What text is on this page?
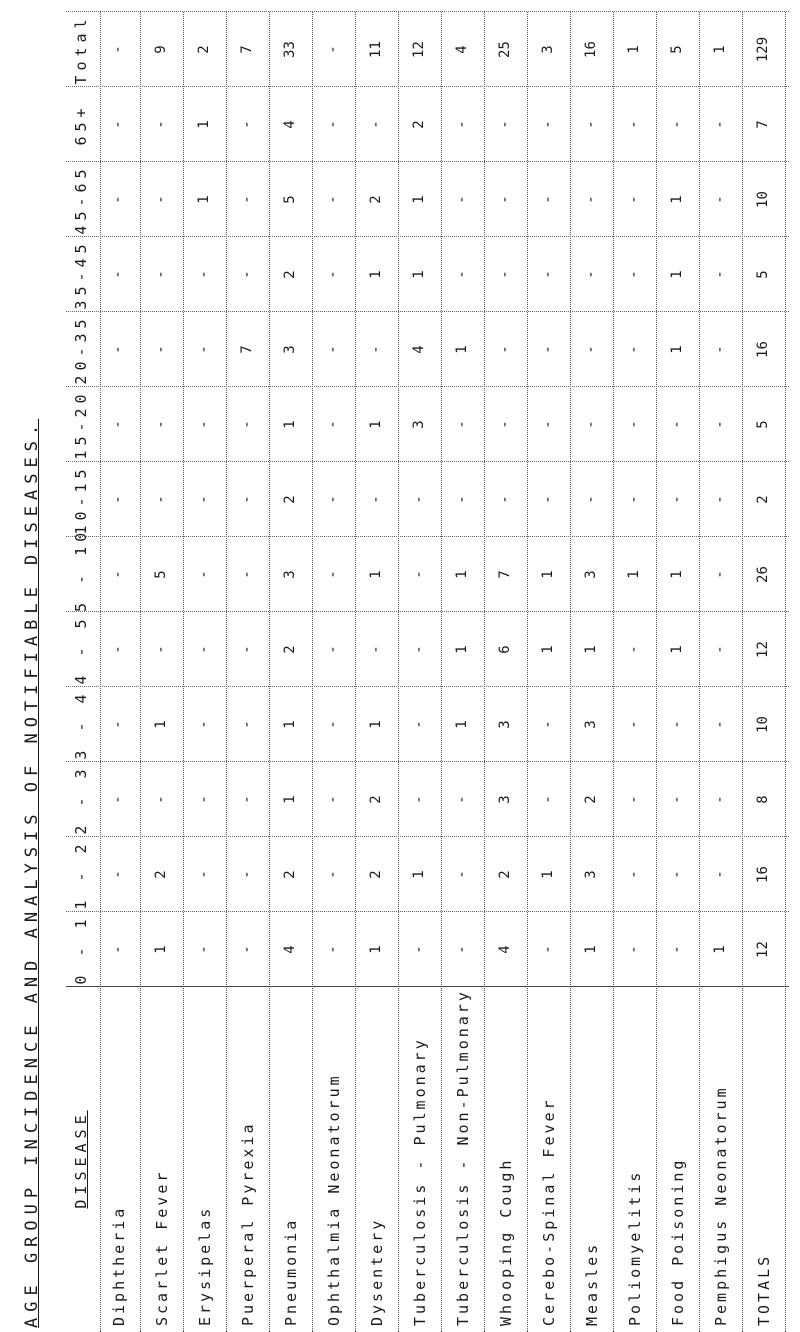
AGE GROUP INCIDENCE AND ANALYSIS OF NOTIFIABLE DISEASES.	DISEASE
0 - 1
1 - 2
2 - 3
3 - 4
4 - 5
5 - 10
10-15
15-20
20-35
35-45
45-65
65+
Total
Diphtheria
-
-
-
-
-
-
-
-
-
-
-
-
-
Scarlet Fever
1
2
-
1
-
5
-
-
-
-
-
-
9
Erysipelas
-
-
-
-
-
-
-
-
-
-
1
1
2
Puerperal Pyrexia
-
-
-
-
-
-
-
-
7
-
-
-
7
Pneumonia
4
2
1
1
2
3
2
1
3
2
5
4
33
Ophthalmia Neonatorum
-
-
-
-
-
-
-
-
-
-
-
-
-
Dysentery
1
2
2
1
-
1
-
1
-
1
2
-
11
Tuberculosis - Pulmonary
-
1
-
-
-
-
-
3
4
1
1
2
12
Tuberculosis - Non-Pulmonary
-
-
-
1
1
1
-
-
1
-
-
-
4
Whooping Cough
4
2
3
3
6
7
-
-
-
-
-
-
25
Cerebo-Spinal Fever
-
1
-
-
1
1
-
-
-
-
-
-
3
Measles
1
3
2
3
1
3
-
-
-
-
-
-
16
Poliomyelitis
-
-
-
-
-
1
-
-
-
-
-
-
1
Food Poisoning
-
-
-
-
1
1
-
-
1
1
1
-
5
Pemphigus Neonatorum
1
-
-
-
-
-
-
-
-
-
-
-
1
TOTALS
12
16
8
10
12
26
2
5
16
5
10
7
129
